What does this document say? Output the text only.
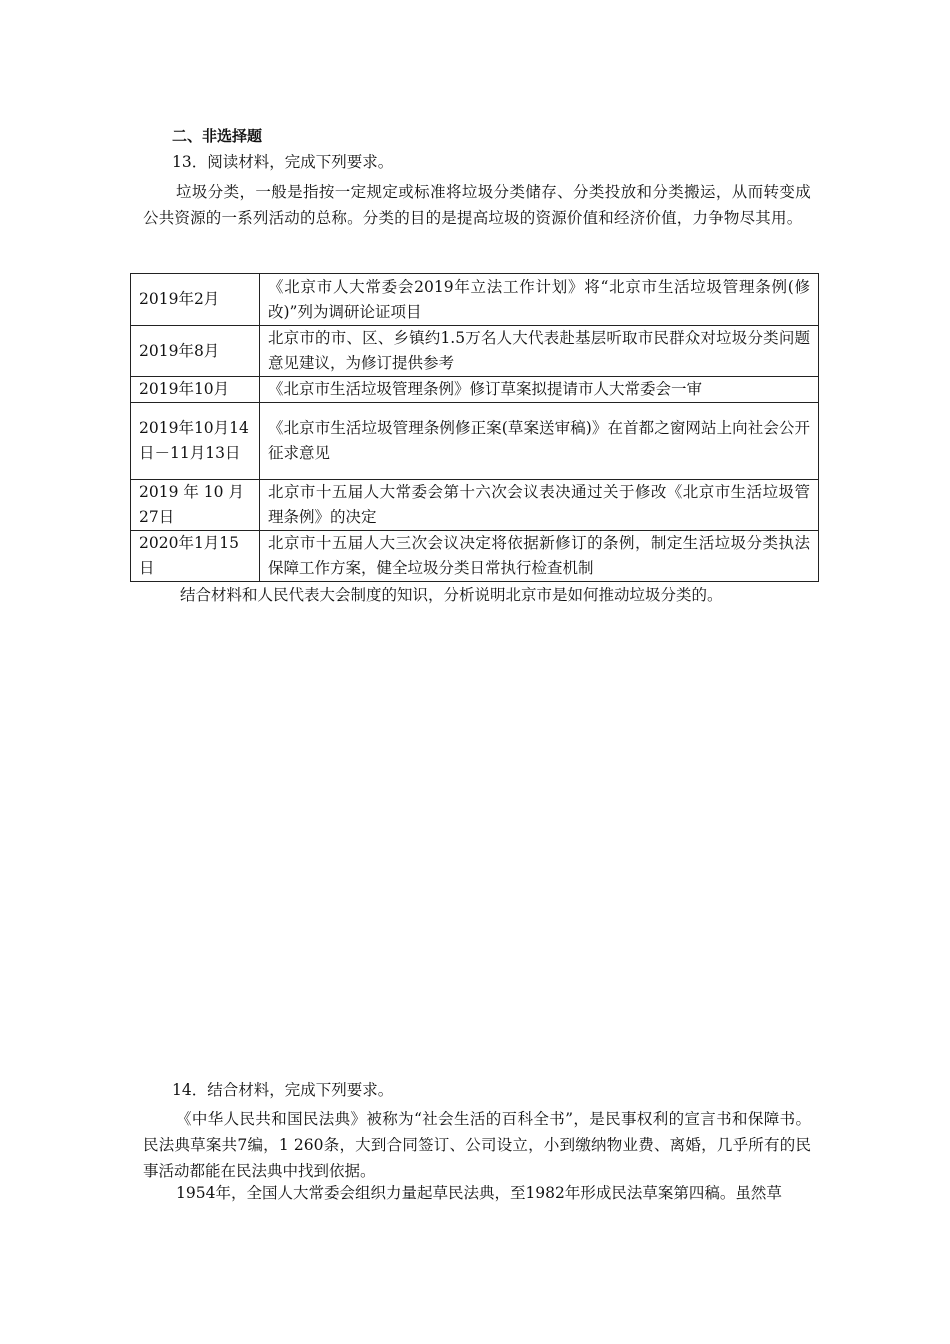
二、非选择题
13．阅读材料，完成下列要求。
垃圾分类，一般是指按一定规定或标准将垃圾分类储存、分类投放和分类搬运，从而转变成公共资源的一系列活动的总称。分类的目的是提高垃圾的资源价值和经济价值，力争物尽其用。
2019年2月	《北京市人大常委会2019年立法工作计划》将“北京市生活垃圾管理条例(修改)”列为调研论证项目
2019年8月	北京市的市、区、乡镇约1.5万名人大代表赴基层听取市民群众对垃圾分类问题意见建议，为修订提供参考
2019年10月	《北京市生活垃圾管理条例》修订草案拟提请市人大常委会一审
2019年10月14日－11月13日	《北京市生活垃圾管理条例修正案(草案送审稿)》在首都之窗网站上向社会公开征求意见
2019 年 10 月27日	北京市十五届人大常委会第十六次会议表决通过关于修改《北京市生活垃圾管理条例》的决定
2020年1月15日	北京市十五届人大三次会议决定将依据新修订的条例，制定生活垃圾分类执法保障工作方案，健全垃圾分类日常执行检查机制
结合材料和人民代表大会制度的知识，分析说明北京市是如何推动垃圾分类的。
14．结合材料，完成下列要求。
《中华人民共和国民法典》被称为“社会生活的百科全书”，是民事权利的宣言书和保障书。民法典草案共7编，1 260条，大到合同签订、公司设立，小到缴纳物业费、离婚，几乎所有的民事活动都能在民法典中找到依据。
1954年，全国人大常委会组织力量起草民法典，至1982年形成民法草案第四稿。虽然草
